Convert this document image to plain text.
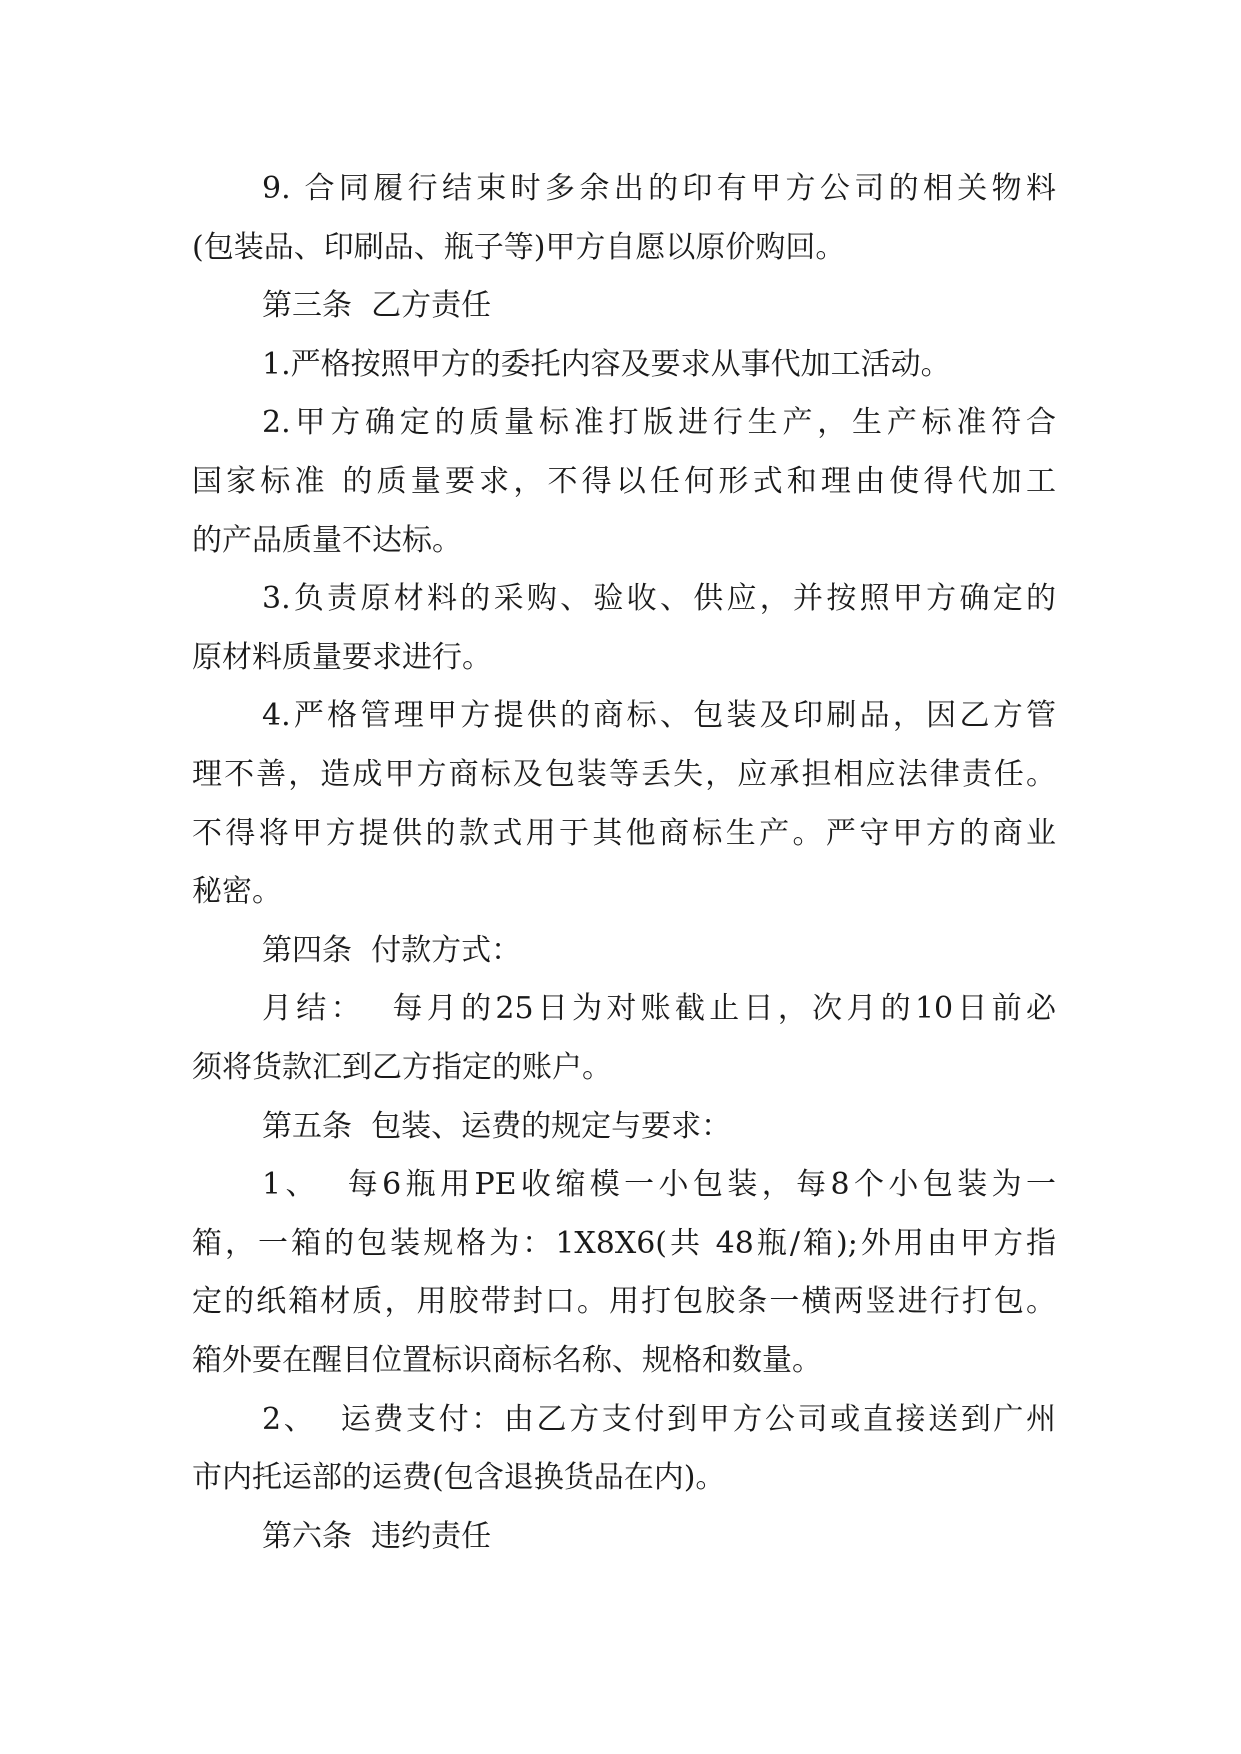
9. 合同履行结束时多余出的印有甲方公司的相关物料
(包装品、印刷品、瓶子等)甲方自愿以原价购回。
第三条  乙方责任
1.严格按照甲方的委托内容及要求从事代加工活动。
2.甲方确定的质量标准打版进行生产，生产标准符合
国家标准 的质量要求，不得以任何形式和理由使得代加工
的产品质量不达标。
3.负责原材料的采购、验收、供应，并按照甲方确定的
原材料质量要求进行。
4.严格管理甲方提供的商标、包装及印刷品，因乙方管
理不善，造成甲方商标及包装等丢失，应承担相应法律责任。
不得将甲方提供的款式用于其他商标生产。严守甲方的商业
秘密。
第四条  付款方式：
月结：  每月的25日为对账截止日，次月的10日前必
须将货款汇到乙方指定的账户。
第五条  包装、运费的规定与要求：
1、  每6瓶用PE收缩模一小包装，每8个小包装为一
箱，一箱的包装规格为：1X8X6(共 48瓶/箱);外用由甲方指
定的纸箱材质，用胶带封口。用打包胶条一横两竖进行打包。
箱外要在醒目位置标识商标名称、规格和数量。
2、  运费支付：由乙方支付到甲方公司或直接送到广州
市内托运部的运费(包含退换货品在内)。
第六条  违约责任
